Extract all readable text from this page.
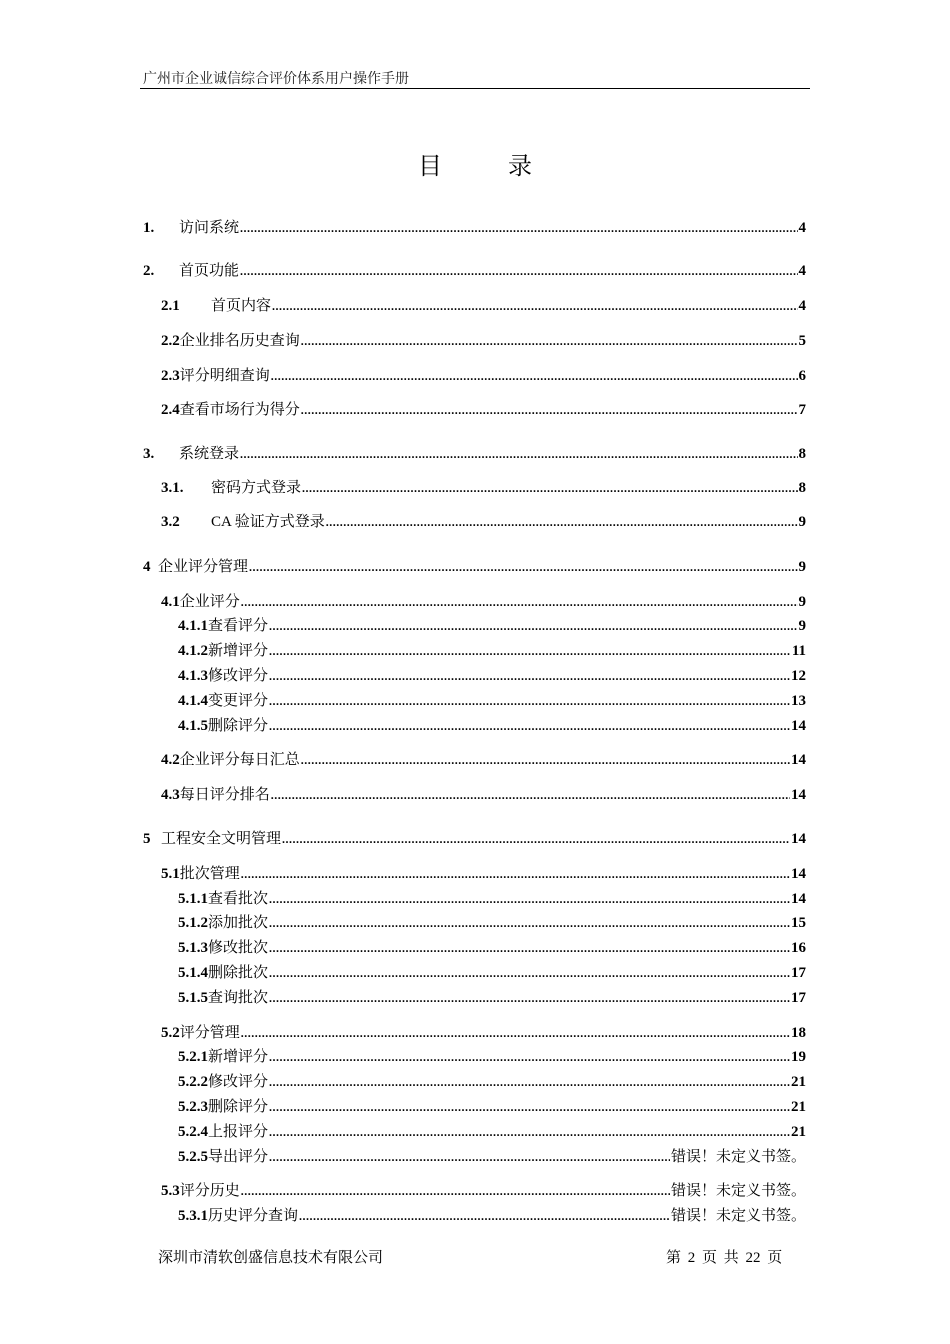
广州市企业诚信综合评价体系用户操作手册
目 录
1.	访问系统 .....	4
2.	首页功能 .....	4
2.1	首页内容 .....	4
2.2 企业排名历史查询 .....	5
2.3 评分明细查询 .....	6
2.4 查看市场行为得分 .....	7
3.	系统登录 .....	8
3.1.	密码方式登录 .....	8
3.2	CA 验证方式登录 .....	9
4 企业评分管理 .....	9
4.1 企业评分 .....	9
4.1.1 查看评分 .....	9
4.1.2 新增评分 .....	11
4.1.3 修改评分 .....	12
4.1.4 变更评分 .....	13
4.1.5 删除评分 .....	14
4.2 企业评分每日汇总 .....	14
4.3 每日评分排名 .....	14
5 工程安全文明管理 .....	14
5.1 批次管理 .....	14
5.1.1 查看批次 .....	14
5.1.2 添加批次 .....	15
5.1.3 修改批次 .....	16
5.1.4 删除批次 .....	17
5.1.5 查询批次 .....	17
5.2 评分管理 .....	18
5.2.1 新增评分 .....	19
5.2.2 修改评分 .....	21
5.2.3 删除评分 .....	21
5.2.4 上报评分 .....	21
5.2.5 导出评分 .....	错误！未定义书签。
5.3 评分历史 .....	错误！未定义书签。
5.3.1 历史评分查询 .....	错误！未定义书签。
深圳市清软创盛信息技术有限公司	第 2 页 共 22 页
